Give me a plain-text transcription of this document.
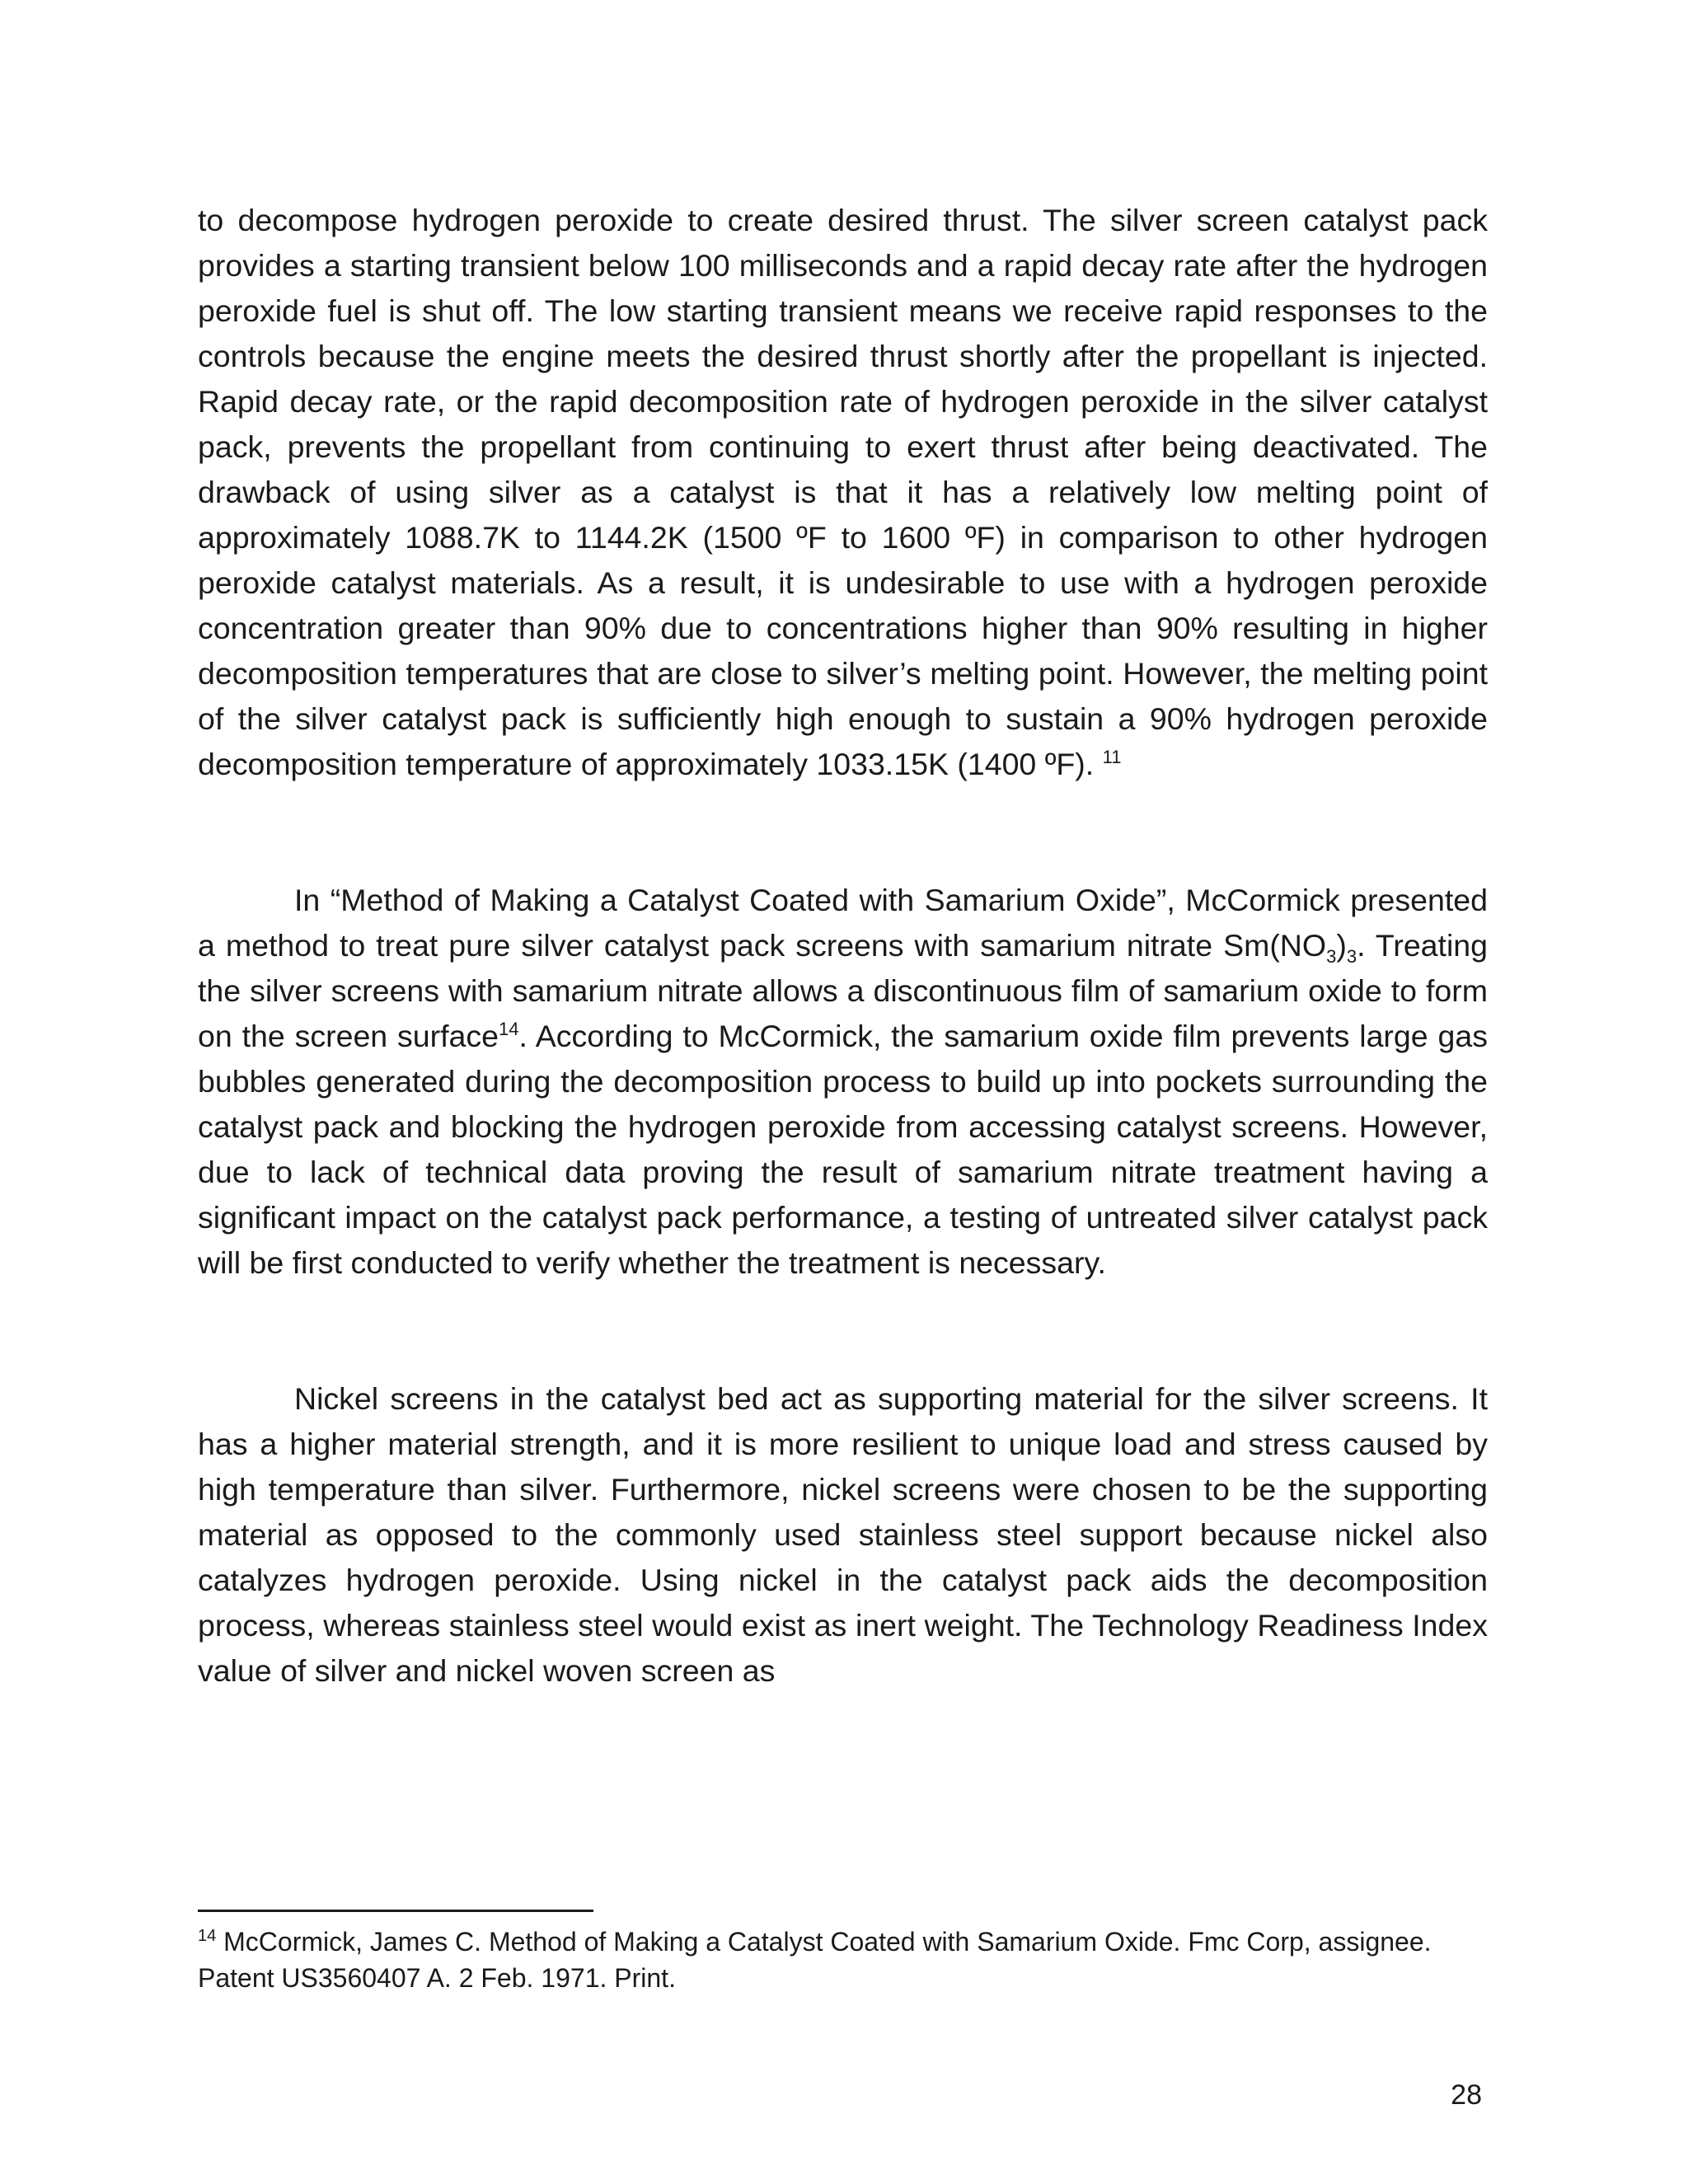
to decompose hydrogen peroxide to create desired thrust. The silver screen catalyst pack provides a starting transient below 100 milliseconds and a rapid decay rate after the hydrogen peroxide fuel is shut off. The low starting transient means we receive rapid responses to the controls because the engine meets the desired thrust shortly after the propellant is injected. Rapid decay rate, or the rapid decomposition rate of hydrogen peroxide in the silver catalyst pack, prevents the propellant from continuing to exert thrust after being deactivated. The drawback of using silver as a catalyst is that it has a relatively low melting point of approximately 1088.7K to 1144.2K (1500 ºF to 1600 ºF) in comparison to other hydrogen peroxide catalyst materials. As a result, it is undesirable to use with a hydrogen peroxide concentration greater than 90% due to concentrations higher than 90% resulting in higher decomposition temperatures that are close to silver’s melting point. However, the melting point of the silver catalyst pack is sufficiently high enough to sustain a 90% hydrogen peroxide decomposition temperature of approximately 1033.15K (1400 ºF). $^{11}$

In “Method of Making a Catalyst Coated with Samarium Oxide”, McCormick presented a method to treat pure silver catalyst pack screens with samarium nitrate $Sm(NO_3)_3$. Treating the silver screens with samarium nitrate allows a discontinuous film of samarium oxide to form on the screen surface$^{14}$. According to McCormick, the samarium oxide film prevents large gas bubbles generated during the decomposition process to build up into pockets surrounding the catalyst pack and blocking the hydrogen peroxide from accessing catalyst screens. However, due to lack of technical data proving the result of samarium nitrate treatment having a significant impact on the catalyst pack performance, a testing of untreated silver catalyst pack will be first conducted to verify whether the treatment is necessary.

Nickel screens in the catalyst bed act as supporting material for the silver screens. It has a higher material strength, and it is more resilient to unique load and stress caused by high temperature than silver. Furthermore, nickel screens were chosen to be the supporting material as opposed to the commonly used stainless steel support because nickel also catalyzes hydrogen peroxide. Using nickel in the catalyst pack aids the decomposition process, whereas stainless steel would exist as inert weight. The Technology Readiness Index value of silver and nickel woven screen as

$^{14}$ McCormick, James C. Method of Making a Catalyst Coated with Samarium Oxide. Fmc Corp, assignee. Patent US3560407 A. 2 Feb. 1971. Print.
28
